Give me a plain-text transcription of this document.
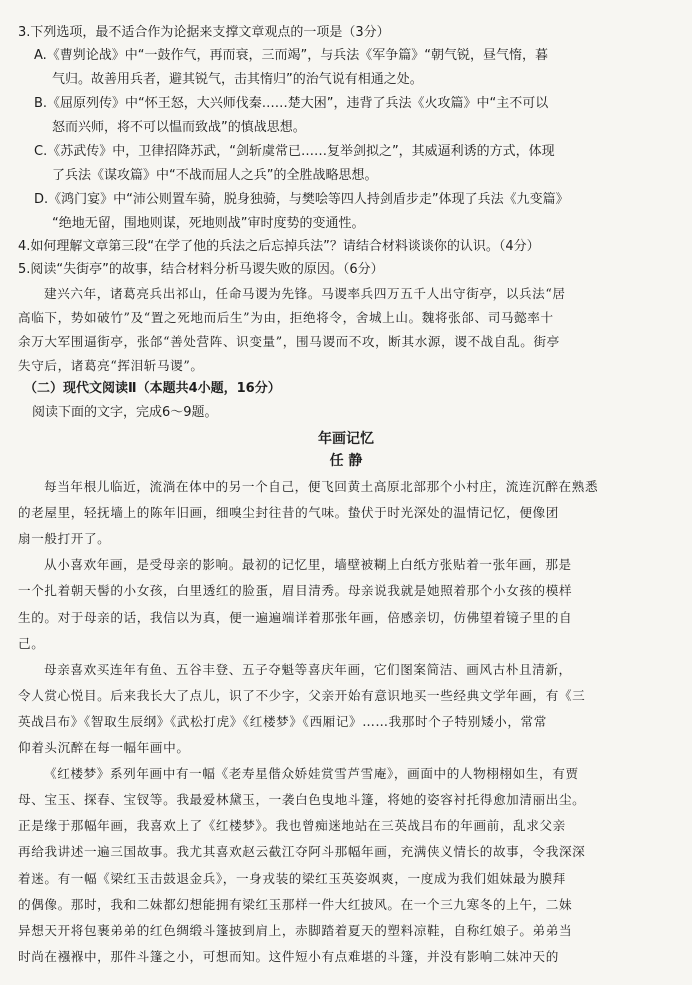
3.下列选项，最不适合作为论据来支撑文章观点的一项是（3分）
A.《曹刿论战》中“一鼓作气，再而衰，三而竭”，与兵法《军争篇》“朝气锐，昼气惰，暮
气归。故善用兵者，避其锐气，击其惰归”的治气说有相通之处。
B.《屈原列传》中“怀王怒，大兴师伐秦……楚大困”，违背了兵法《火攻篇》中“主不可以
怒而兴师，将不可以愠而致战”的慎战思想。
C.《苏武传》中，卫律招降苏武，“剑斩虞常已……复举剑拟之”，其威逼利诱的方式，体现
了兵法《谋攻篇》中“不战而屈人之兵”的全胜战略思想。
D.《鸿门宴》中“沛公则置车骑，脱身独骑，与樊哙等四人持剑盾步走”体现了兵法《九变篇》
“绝地无留，围地则谋，死地则战”审时度势的变通性。
4.如何理解文章第三段“在学了他的兵法之后忘掉兵法”？请结合材料谈谈你的认识。（4分）
5.阅读“失街亭”的故事，结合材料分析马谡失败的原因。（6分）
建兴六年，诸葛亮兵出祁山，任命马谡为先锋。马谡率兵四万五千人出守街亭，以兵法“居
高临下，势如破竹”及“置之死地而后生”为由，拒绝将令，舍城上山。魏将张郃、司马懿率十
余万大军围逼街亭，张郃“善处营阵、识变量”，围马谡而不攻，断其水源，谡不战自乱。街亭
失守后，诸葛亮“挥泪斩马谡”。
（二）现代文阅读Ⅱ（本题共4小题，16分）
阅读下面的文字，完成6～9题。
年画记忆
任 静
每当年根儿临近，流淌在体中的另一个自己，便飞回黄土高原北部那个小村庄，流连沉醉在熟悉
的老屋里，轻抚墙上的陈年旧画，细嗅尘封往昔的气味。蛰伏于时光深处的温情记忆，便像团
扇一般打开了。
从小喜欢年画，是受母亲的影响。最初的记忆里，墙壁被糊上白纸方张贴着一张年画，那是
一个扎着朝天髻的小女孩，白里透红的脸蛋，眉目清秀。母亲说我就是她照着那个小女孩的模样
生的。对于母亲的话，我信以为真，便一遍遍端详着那张年画，倍感亲切，仿佛望着镜子里的自
己。
母亲喜欢买连年有鱼、五谷丰登、五子夺魁等喜庆年画，它们图案简洁、画风古朴且清新，
令人赏心悦目。后来我长大了点儿，识了不少字，父亲开始有意识地买一些经典文学年画，有《三
英战吕布》《智取生辰纲》《武松打虎》《红楼梦》《西厢记》……我那时个子特别矮小，常常
仰着头沉醉在每一幅年画中。
《红楼梦》系列年画中有一幅《老寿星偕众娇娃赏雪芦雪庵》，画面中的人物栩栩如生，有贾
母、宝玉、探春、宝钗等。我最爱林黛玉，一袭白色曳地斗篷，将她的姿容衬托得愈加清丽出尘。
正是缘于那幅年画，我喜欢上了《红楼梦》。我也曾痴迷地站在三英战吕布的年画前，乱求父亲
再给我讲述一遍三国故事。我尤其喜欢赵云截江夺阿斗那幅年画，充满侠义情长的故事，令我深深
着迷。有一幅《梁红玉击鼓退金兵》，一身戎装的梁红玉英姿飒爽，一度成为我们姐妹最为膜拜
的偶像。那时，我和二妹都幻想能拥有梁红玉那样一件大红披风。在一个三九寒冬的上午，二妹
异想天开将包裹弟弟的红色绸缎斗篷披到肩上，赤脚踏着夏天的塑料凉鞋，自称红娘子。弟弟当
时尚在襁褓中，那件斗篷之小，可想而知。这件短小有点难堪的斗篷，并没有影响二妹冲天的
